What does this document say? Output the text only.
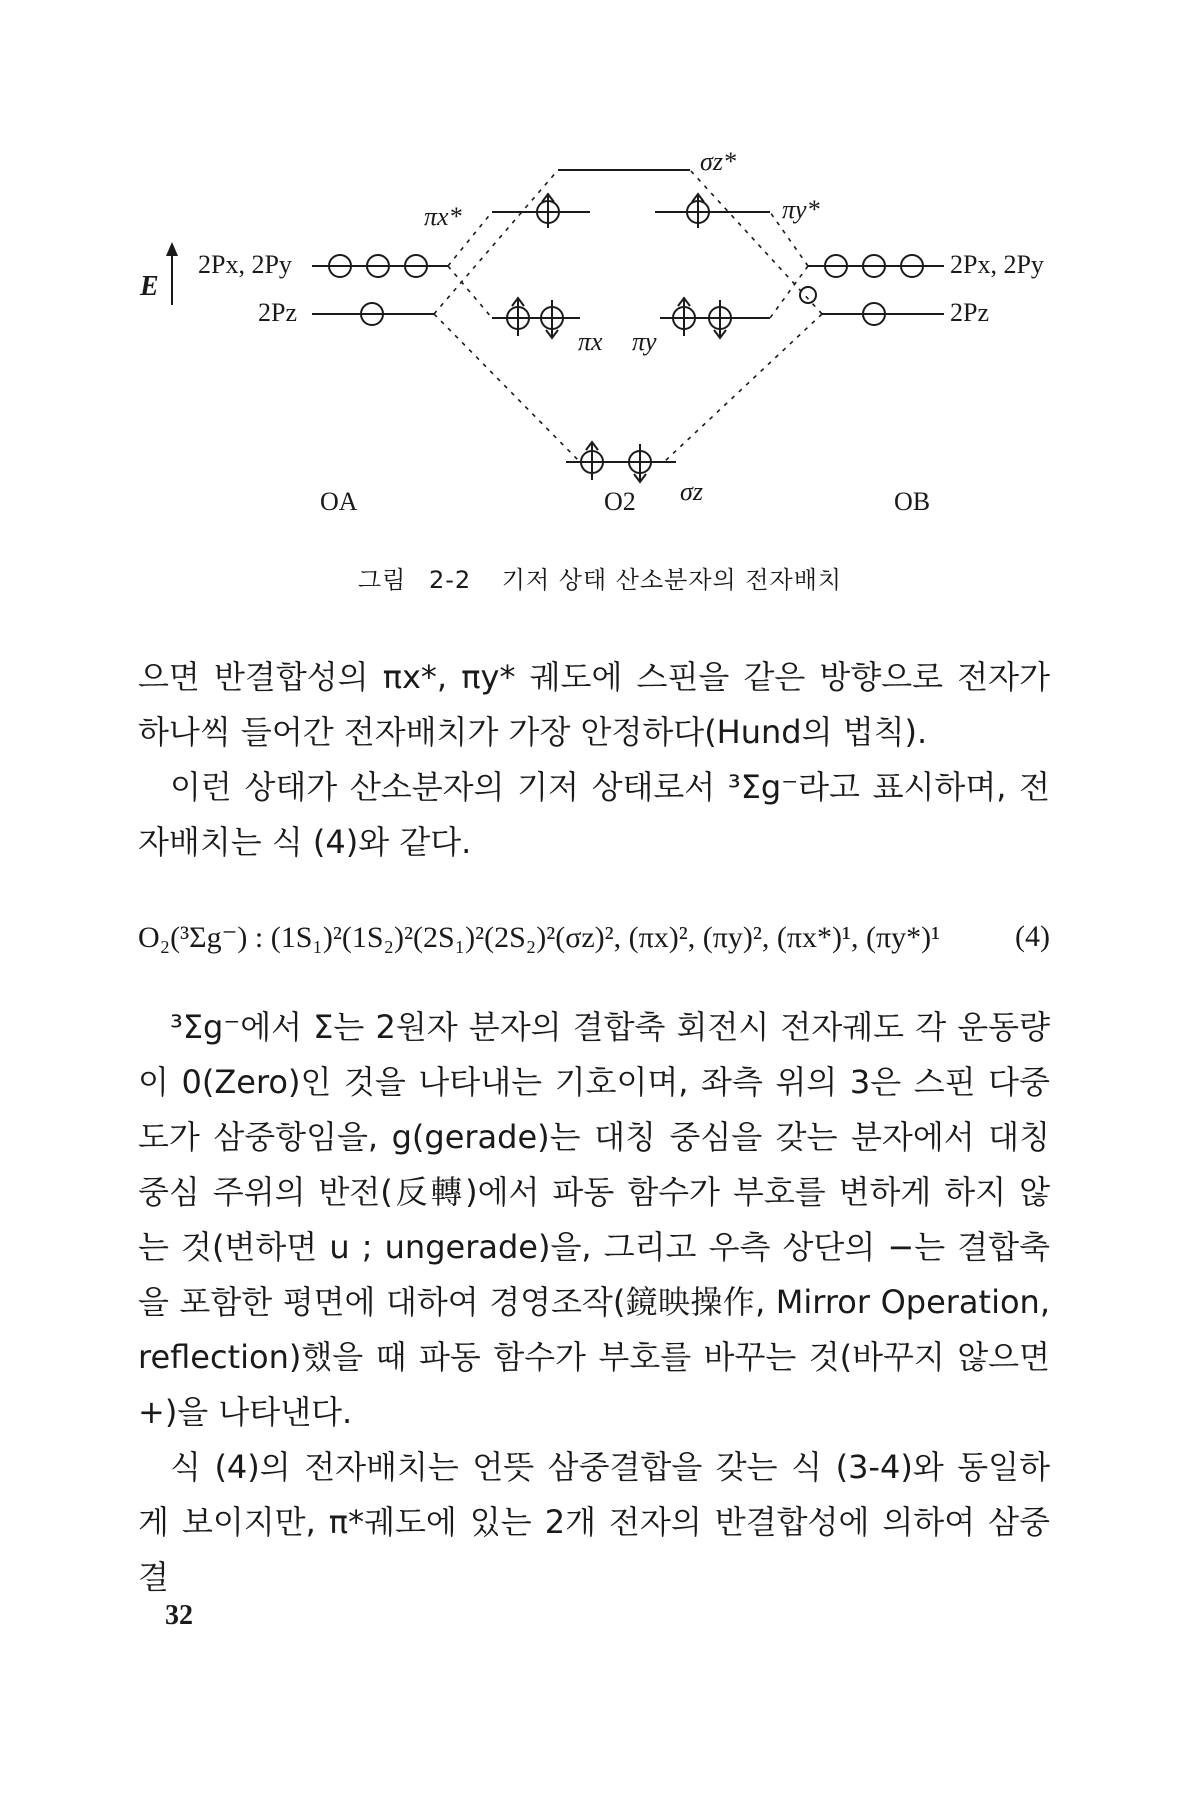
E
2Px, 2Py
2Pz
2Px, 2Py
2Pz
σz*
πx*	πy*
πx πy
σz
OA	O2	OB
그림 2-2 기저 상태 산소분자의 전자배치

으면 반결합성의 πx*, πy* 궤도에 스핀을 같은 방향으로 전자가 하나씩 들어간 전자배치가 가장 안정하다(Hund의 법칙).

이런 상태가 산소분자의 기저 상태로서 ³Σg⁻라고 표시하며, 전자배치는 식 (4)와 같다.

O₂(³Σg⁻) : (1S₁)²(1S₂)²(2S₁)²(2S₂)²(σz)², (πx)², (πy)², (πx*)¹, (πy*)¹ (4)

³Σg⁻에서 Σ는 2원자 분자의 결합축 회전시 전자궤도 각 운동량이 0(Zero)인 것을 나타내는 기호이며, 좌측 위의 3은 스핀 다중도가 삼중항임을, g(gerade)는 대칭 중심을 갖는 분자에서 대칭 중심 주위의 반전(反轉)에서 파동 함수가 부호를 변하게 하지 않는 것(변하면 u ; ungerade)을, 그리고 우측 상단의 −는 결합축을 포함한 평면에 대하여 경영조작(鏡映操作, Mirror Operation, reflection)했을 때 파동 함수가 부호를 바꾸는 것(바꾸지 않으면 +)을 나타낸다.

식 (4)의 전자배치는 언뜻 삼중결합을 갖는 식 (3-4)와 동일하게 보이지만, π*궤도에 있는 2개 전자의 반결합성에 의하여 삼중결

32
